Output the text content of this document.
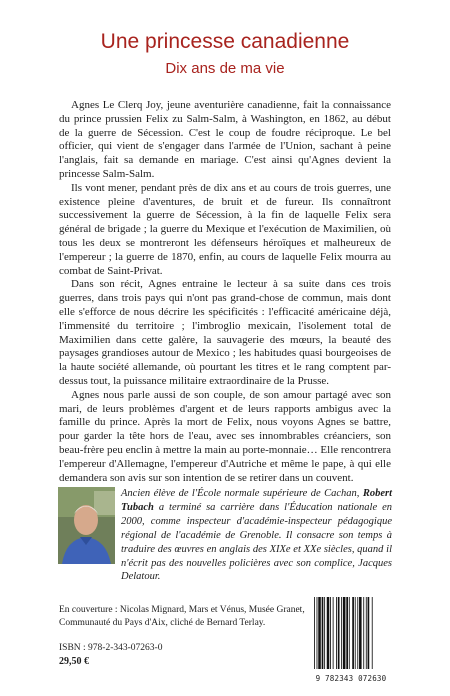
Une princesse canadienne
Dix ans de ma vie

Agnes Le Clerq Joy, jeune aventurière canadienne, fait la connaissance du prince prussien Felix zu Salm-Salm, à Washington, en 1862, au début de la guerre de Sécession. C'est le coup de foudre réciproque. Le bel officier, qui vient de s'engager dans l'armée de l'Union, sachant à peine l'anglais, fait sa demande en mariage. C'est ainsi qu'Agnes devient la princesse Salm-Salm.

Ils vont mener, pendant près de dix ans et au cours de trois guerres, une existence pleine d'aventures, de bruit et de fureur. Ils connaîtront successivement la guerre de Sécession, à la fin de laquelle Felix sera général de brigade ; la guerre du Mexique et l'exécution de Maximilien, où tous les deux se montreront les défenseurs héroïques et malheureux de l'empereur ; la guerre de 1870, enfin, au cours de laquelle Felix mourra au combat de Saint-Privat.

Dans son récit, Agnes entraine le lecteur à sa suite dans ces trois guerres, dans trois pays qui n'ont pas grand-chose de commun, mais dont elle s'efforce de nous décrire les spécificités : l'efficacité américaine déjà, l'immensité du territoire ; l'imbroglio mexicain, l'isolement total de Maximilien dans cette galère, la sauvagerie des mœurs, la beauté des paysages grandioses autour de Mexico ; les habitudes quasi bourgeoises de la haute société allemande, où pourtant les titres et le rang comptent par-dessus tout, la puissance militaire extraordinaire de la Prusse.

Agnes nous parle aussi de son couple, de son amour partagé avec son mari, de leurs problèmes d'argent et de leurs rapports ambigus avec la famille du prince. Après la mort de Felix, nous voyons Agnes se battre, pour garder la tête hors de l'eau, avec ses innombrables créanciers, son beau-frère peu enclin à mettre la main au porte-monnaie… Elle rencontrera l'empereur d'Allemagne, l'empereur d'Autriche et même le pape, à qui elle demandera son avis sur son intention de se retirer dans un couvent.

Ancien élève de l'École normale supérieure de Cachan, Robert Tubach a terminé sa carrière dans l'Éducation nationale en 2000, comme inspecteur d'académie-inspecteur pédagogique régional de l'académie de Grenoble. Il consacre son temps à traduire des œuvres en anglais des XIXe et XXe siècles, quand il n'écrit pas des nouvelles policières avec son complice, Jacques Delatour.
En couverture : Nicolas Mignard, Mars et Vénus, Musée Granet, Communauté du Pays d'Aix, cliché de Bernard Terlay.
ISBN : 978-2-343-07263-0
29,50 €
9 782343 072630
